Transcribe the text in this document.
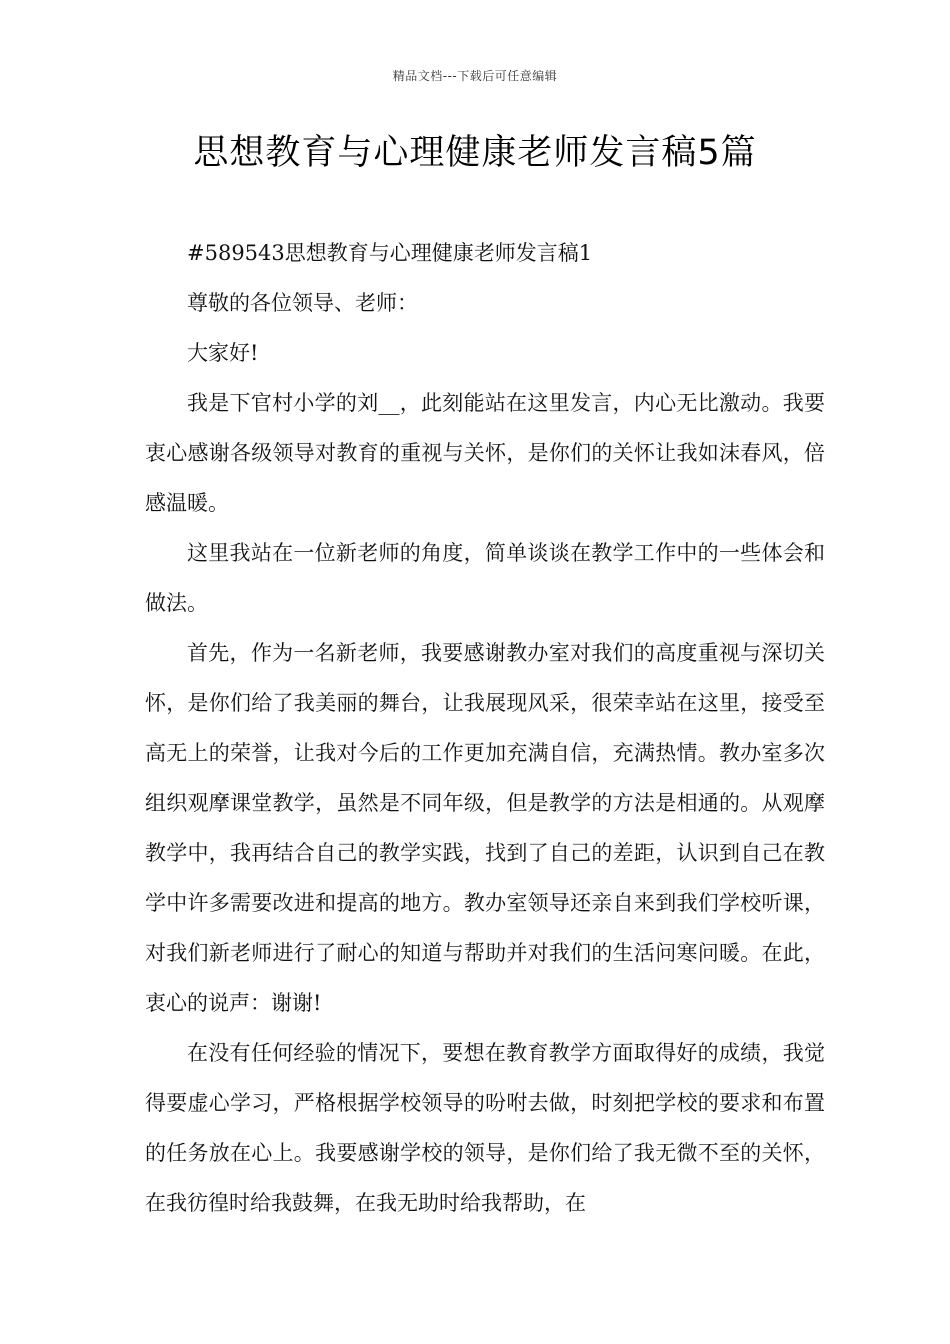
精品文档---下载后可任意编辑
思想教育与心理健康老师发言稿5篇

#589543思想教育与心理健康老师发言稿1

尊敬的各位领导、老师：

大家好!

我是下官村小学的刘__，此刻能站在这里发言，内心无比激动。我要衷心感谢各级领导对教育的重视与关怀，是你们的关怀让我如沫春风，倍感温暖。

这里我站在一位新老师的角度，简单谈谈在教学工作中的一些体会和做法。

首先，作为一名新老师，我要感谢教办室对我们的高度重视与深切关怀，是你们给了我美丽的舞台，让我展现风采，很荣幸站在这里，接受至高无上的荣誉，让我对今后的工作更加充满自信，充满热情。教办室多次组织观摩课堂教学，虽然是不同年级，但是教学的方法是相通的。从观摩教学中，我再结合自己的教学实践，找到了自己的差距，认识到自己在教学中许多需要改进和提高的地方。教办室领导还亲自来到我们学校听课，对我们新老师进行了耐心的知道与帮助并对我们的生活问寒问暖。在此，衷心的说声：谢谢!

在没有任何经验的情况下，要想在教育教学方面取得好的成绩，我觉得要虚心学习，严格根据学校领导的吩咐去做，时刻把学校的要求和布置的任务放在心上。我要感谢学校的领导，是你们给了我无微不至的关怀，在我彷徨时给我鼓舞，在我无助时给我帮助，在
